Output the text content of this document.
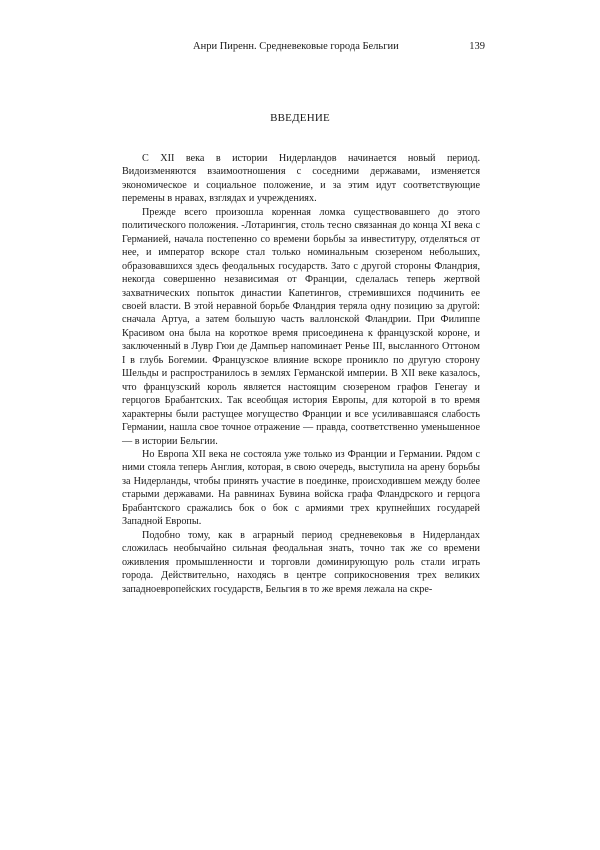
Анри Пиренн. Средневековые города Бельгии	139
ВВЕДЕНИЕ

С XII века в истории Нидерландов начинается новый период. Видоизменяются взаимоотношения с соседними державами, изменяется экономическое и социальное положение, и за этим идут соответствующие перемены в нравах, взглядах и учреждениях.

Прежде всего произошла коренная ломка существовавшего до этого политического положения. -Лотарингия, столь тесно связанная до конца XI века с Германией, начала постепенно со времени борьбы за инвеституру, отделяться от нее, и император вскоре стал только номинальным сюзереном небольших, образовавшихся здесь феодальных государств. Зато с другой стороны Фландрия, некогда совершенно независимая от Франции, сделалась теперь жертвой захватнических попыток династии Капетингов, стремившихся подчинить ее своей власти. В этой неравной борьбе Фландрия теряла одну позицию за другой: сначала Артуа, а затем большую часть валлонской Фландрии. При Филиппе Красивом она была на короткое время присоединена к французской короне, и заключенный в Лувр Гюи де Дампьер напоминает Ренье III, высланного Оттоном I в глубь Богемии. Французское влияние вскоре проникло по другую сторону Шельды и распространилось в землях Германской империи. В XII веке казалось, что французский король является настоящим сюзереном графов Генегау и герцогов Брабантских. Так всеобщая история Европы, для которой в то время характерны были растущее могущество Франции и все усиливавшаяся слабость Германии, нашла свое точное отражение — правда, соответственно уменьшенное — в истории Бельгии.

Но Европа XII века не состояла уже только из Франции и Германии. Рядом с ними стояла теперь Англия, которая, в свою очередь, выступила на арену борьбы за Нидерланды, чтобы принять участие в поединке, происходившем между более старыми державами. На равнинах Бувина войска графа Фландрского и герцога Брабантского сражались бок о бок с армиями трех крупнейших государей Западной Европы.

Подобно тому, как в аграрный период средневековья в Нидерландах сложилась необычайно сильная феодальная знать, точно так же со времени оживления промышленности и торговли доминирующую роль стали играть города. Действительно, находясь в центре соприкосновения трех великих западноевропейских государств, Бельгия в то же время лежала на скре-
